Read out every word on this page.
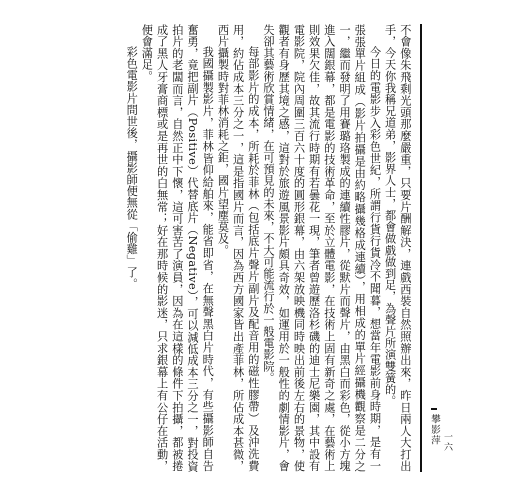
不會像朱飛剩光頭那麼嚴重，只要片酬解決，連戲西裝自然照辦出來，昨日兩人大打出手，今天你我稱兄道弟，影界人士，都會做戲做到足，為聲片所演雙簧的。

今日的電影步入彩色世紀，所謂行貨行貨冷不聞暮，想當年電影前身時期，是有一張張單片組成（影片拍攝是由約略攝幾格成連續），用相成的單片經攝機觀察是二分之一，繼而發明了用賽璐珞製成的連續性膠片，從默片而聲片，由黑白而彩色，從小方塊進入闊銀幕，都是電影的技術革命，至於立體電影，在技術上固有新奇之處，在藝術上則效果欠佳，故其流行時期有若曇花一現，筆者曾遊歷洛杉磯的迪士尼樂園，其中設有電影院，院內周圍三百六十度的圓形銀幕，由六架放映機同時映出前後左右的景物，使觀者有身歷其境之感，這對於旅遊風景影片頗具奇效，如運用於一般性的劇情影片，會失卻其藝術欣賞情緒，在可預見的未來，不大可能流行於一般電影院。

每部影片的成本，所耗於菲林（包括底片聲片副片及配音用的磁性膠帶）及沖洗費用，約佔成本三分之一，這是指國片而言，因為西方國家皆出產菲林，所佔成本甚微，西片攝製時對菲林消耗之鉅，國片望塵莫及。

我國攝製影片，菲林皆仰給舶來，能省即省，在無聲黑白片時代，有些攝影師自告奮勇，竟把副片（Positive）代替底片（Negative），可以減低成本三分之一，對投資拍片的老闆而言，自然正中下懷，這可害苦了演員，因為在這樣的條件下拍攝，都被捲成了黑人牙膏商標或是再世的白無常；好在那時候的影迷，只求銀幕上有公仔在活動，便會滿足。

彩色電影片問世後，攝影師便無從「偷雞」了。

攀影萍 一六
